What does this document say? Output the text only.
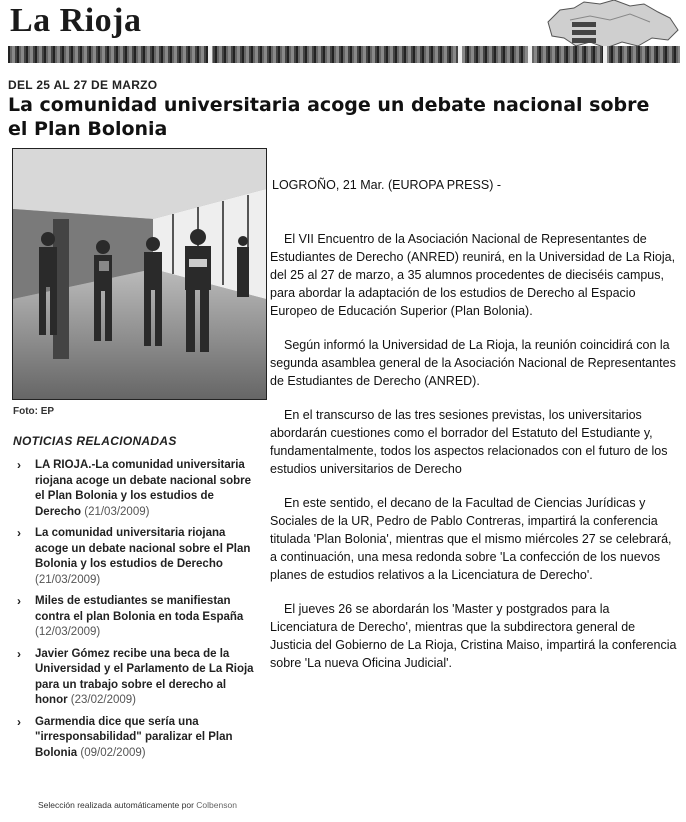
La Rioja
DEL 25 AL 27 DE MARZO
La comunidad universitaria acoge un debate nacional sobre el Plan Bolonia
Foto: EP
NOTICIAS RELACIONADAS
› LA RIOJA.-La comunidad universitaria riojana acoge un debate nacional sobre el Plan Bolonia y los estudios de Derecho (21/03/2009)
› La comunidad universitaria riojana acoge un debate nacional sobre el Plan Bolonia y los estudios de Derecho (21/03/2009)
› Miles de estudiantes se manifiestan contra el plan Bolonia en toda España (12/03/2009)
› Javier Gómez recibe una beca de la Universidad y el Parlamento de La Rioja para un trabajo sobre el derecho al honor (23/02/2009)
› Garmendia dice que sería una "irresponsabilidad" paralizar el Plan Bolonia (09/02/2009)
Selección realizada automáticamente por Colbenson

LOGROÑO, 21 Mar. (EUROPA PRESS) -

El VII Encuentro de la Asociación Nacional de Representantes de Estudiantes de Derecho (ANRED) reunirá, en la Universidad de La Rioja, del 25 al 27 de marzo, a 35 alumnos procedentes de dieciséis campus, para abordar la adaptación de los estudios de Derecho al Espacio Europeo de Educación Superior (Plan Bolonia).

Según informó la Universidad de La Rioja, la reunión coincidirá con la segunda asamblea general de la Asociación Nacional de Representantes de Estudiantes de Derecho (ANRED).

En el transcurso de las tres sesiones previstas, los universitarios abordarán cuestiones como el borrador del Estatuto del Estudiante y, fundamentalmente, todos los aspectos relacionados con el futuro de los estudios universitarios de Derecho

En este sentido, el decano de la Facultad de Ciencias Jurídicas y Sociales de la UR, Pedro de Pablo Contreras, impartirá la conferencia titulada 'Plan Bolonia', mientras que el mismo miércoles 27 se celebrará, a continuación, una mesa redonda sobre 'La confección de los nuevos planes de estudios relativos a la Licenciatura de Derecho'.

El jueves 26 se abordarán los 'Master y postgrados para la Licenciatura de Derecho', mientras que la subdirectora general de Justicia del Gobierno de La Rioja, Cristina Maiso, impartirá la conferencia sobre 'La nueva Oficina Judicial'.
